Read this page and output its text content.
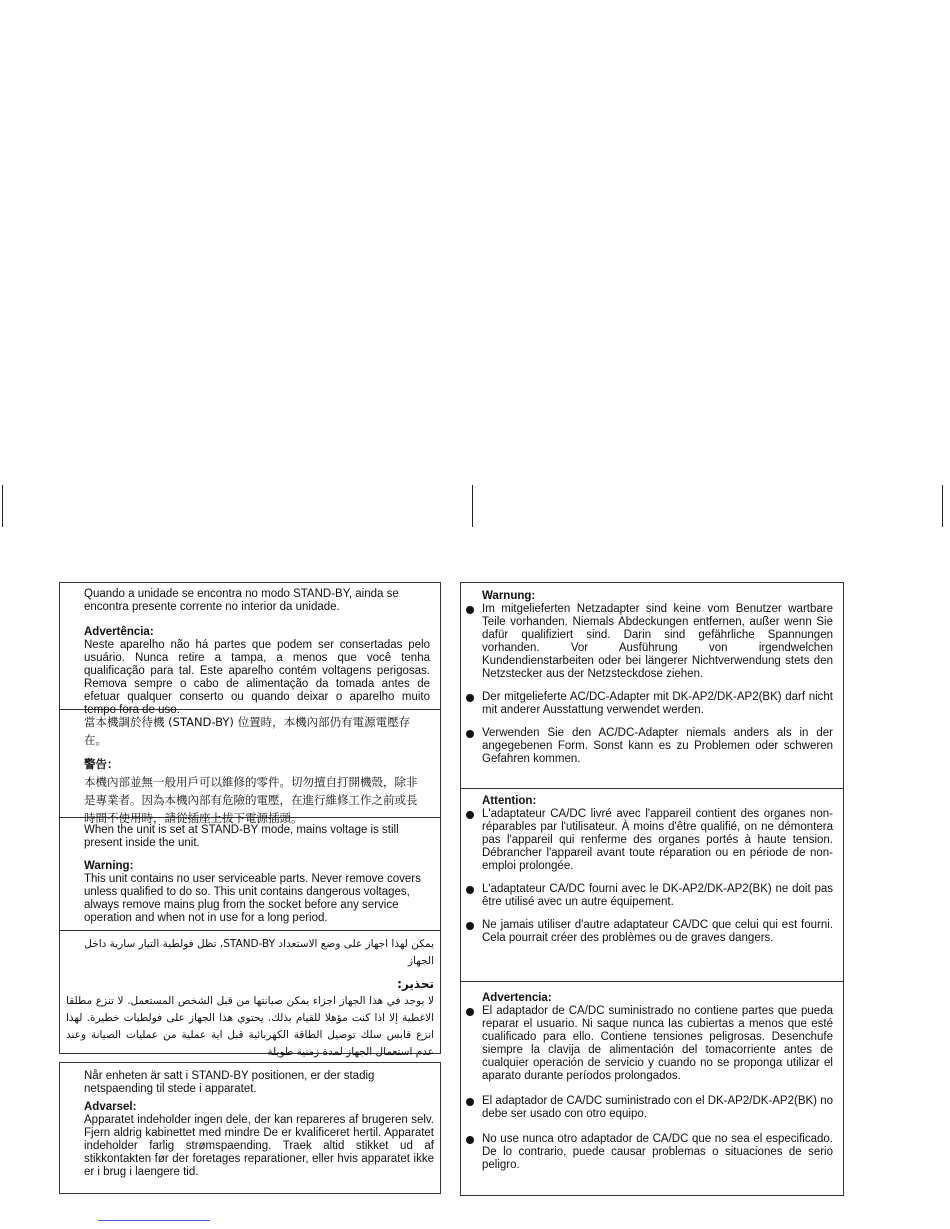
Quando a unidade se encontra no modo STAND-BY, ainda se encontra presente corrente no interior da unidade.

Advertência:

Neste aparelho não há partes que podem ser consertadas pelo usuário. Nunca retire a tampa, a menos que você tenha qualificação para tal. Este aparelho contém voltagens perigosas. Remova sempre o cabo de alimentação da tomada antes de efetuar qualquer conserto ou quando deixar o aparelho muito tempo fora de uso.

當本機調於待機 (STAND-BY) 位置時，本機內部仍有電源電壓存在。

警告：

本機內部並無一般用戶可以維修的零件。切勿擅自打開機殼，除非是專業者。因為本機內部有危險的電壓，在進行維修工作之前或長時間不使用時，請從插座上拔下電源插頭。

When the unit is set at STAND-BY mode, mains voltage is still present inside the unit.

Warning:

This unit contains no user serviceable parts. Never remove covers unless qualified to do so. This unit contains dangerous voltages, always remove mains plug from the socket before any service operation and when not in use for a long period.

يمكن لهذا اجهاز على وضع الاستعداد STAND-BY، تظل فولطية التيار سارية داخل الجهاز

تحذير:

لا يوجد في هذا الجهاز اجزاء يمكن صيانتها من قبل الشخص المستعمل. لا تنزع مطلقا الاغطية إلا اذا كنت مؤهلا للقيام بذلك. يحتوي هذا الجهاز على فولطيات خطيرة. لهذا انزع قابس سلك توصيل الطاقة الكهربائية قبل اية عملية من عمليات الصيانة وعند عدم استعمال الجهاز لمدة زمنية طويلة

Når enheten är satt i STAND-BY positionen, er der stadig netspaending til stede i apparatet.

Advarsel:

Apparatet indeholder ingen dele, der kan repareres af brugeren selv. Fjern aldrig kabinettet med mindre De er kvalificeret hertil. Apparatet indeholder farlig strømspaending. Traek altid stikket ud af stikkontakten før der foretages reparationer, eller hvis apparatet ikke er i brug i laengere tid.

Warnung:

Im mitgelieferten Netzadapter sind keine vom Benutzer wartbare Teile vorhanden. Niemals Abdeckungen entfernen, außer wenn Sie dafür qualifiziert sind. Darin sind gefährliche Spannungen vorhanden. Vor Ausführung von irgendwelchen Kundendienstarbeiten oder bei längerer Nichtverwendung stets den Netzstecker aus der Netzsteckdose ziehen.

Der mitgelieferte AC/DC-Adapter mit DK-AP2/DK-AP2(BK) darf nicht mit anderer Ausstattung verwendet werden.

Verwenden Sie den AC/DC-Adapter niemals anders als in der angegebenen Form. Sonst kann es zu Problemen oder schweren Gefahren kommen.

Attention:

L'adaptateur CA/DC livré avec l'appareil contient des organes non- réparables par l'utilisateur. À moins d'être qualifié, on ne démontera pas l'appareil qui renferme des organes portés à haute tension. Débrancher l'appareil avant toute réparation ou en période de non-emploi prolongée.

L'adaptateur CA/DC fourni avec le DK-AP2/DK-AP2(BK) ne doit pas être utilisé avec un autre équipement.

Ne jamais utiliser d'autre adaptateur CA/DC que celui qui est fourni. Cela pourrait créer des problèmes ou de graves dangers.

Advertencia:

El adaptador de CA/DC suministrado no contiene partes que pueda reparar el usuario. Ni saque nunca las cubiertas a menos que esté cualificado para ello. Contiene tensiones peligrosas. Desenchufe siempre la clavija de alimentación del tomacorriente antes de cualquier operación de servicio y cuando no se proponga utilizar el aparato durante períodos prolongados.

El adaptador de CA/DC suministrado con el DK-AP2/DK-AP2(BK) no debe ser usado con otro equipo.

No use nunca otro adaptador de CA/DC que no sea el especificado. De lo contrario, puede causar problemas o situaciones de serio peligro.
